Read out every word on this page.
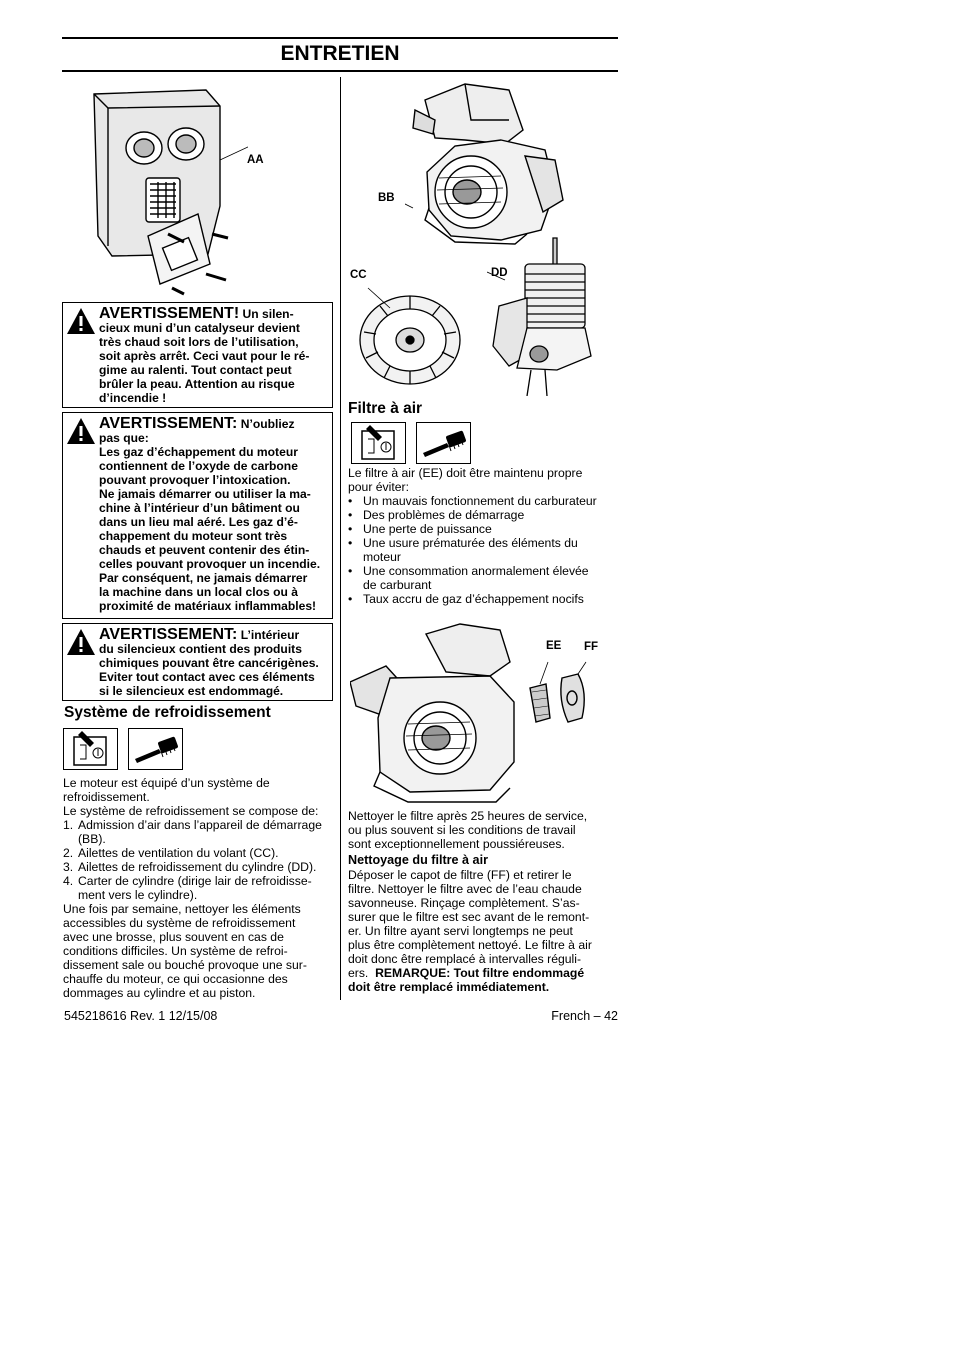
ENTRETIEN
AA
BB
CC	DD
AVERTISSEMENT! Un silen-
cieux muni d’un catalyseur devient
très chaud soit lors de l’utilisation,
soit après arrêt. Ceci vaut pour le ré-
gime au ralenti. Tout contact peut
brûler la peau. Attention au risque
d’incendie !
AVERTISSEMENT: N’oubliez
pas que:
Les gaz d’échappement du moteur
contiennent de l’oxyde de carbone
pouvant provoquer l’intoxication.
Ne jamais démarrer ou utiliser la ma-
chine à l’intérieur d’un bâtiment ou
dans un lieu mal aéré. Les gaz d’é-
chappement du moteur sont très
chauds et peuvent contenir des étin-
celles pouvant provoquer un incendie.
Par conséquent, ne jamais démarrer
la machine dans un local clos ou à
proximité de matériaux inflammables!
AVERTISSEMENT: L’intérieur
du silencieux contient des produits
chimiques pouvant être cancérigènes.
Eviter tout contact avec ces éléments
si le silencieux est endommagé.
Système de refroidissement

Le moteur est équipé d’un système de

refroidissement.

Le système de refroidissement se compose de:

1. Admission d’air dans l’appareil de démarrage
(BB).
2. Ailettes de ventilation du volant (CC).
3. Ailettes de refroidissement du cylindre (DD).
4. Carter de cylindre (dirige lair de refroidisse-
ment vers le cylindre).

Une fois par semaine, nettoyer les éléments

accessibles du système de refroidissement

avec une brosse, plus souvent en cas de

conditions difficiles. Un système de refroi-

dissement sale ou bouché provoque une sur-

chauffe du moteur, ce qui occasionne des

dommages au cylindre et au piston.

Filtre à air

Le filtre à air (EE) doit être maintenu propre

pour éviter:

• Un mauvais fonctionnement du carburateur
• Des problèmes de démarrage
• Une perte de puissance
• Une usure prématurée des éléments du
moteur
• Une consommation anormalement élevée
de carburant
• Taux accru de gaz d’échappement nocifs
EE FF

Nettoyer le filtre après 25 heures de service,

ou plus souvent si les conditions de travail

sont exceptionnellement poussiéreuses.

Nettoyage du filtre à air

Déposer le capot de filtre (FF) et retirer le

filtre. Nettoyer le filtre avec de l’eau chaude

savonneuse. Rinçage complètement. S’as-

surer que le filtre est sec avant de le remont-

er. Un filtre ayant servi longtemps ne peut

plus être complètement nettoyé. Le filtre à air

doit donc être remplacé à intervalles réguli-

ers. REMARQUE: Tout filtre endommagé

doit être remplacé immédiatement.

545218616 Rev. 1 12/15/08	French – 42
